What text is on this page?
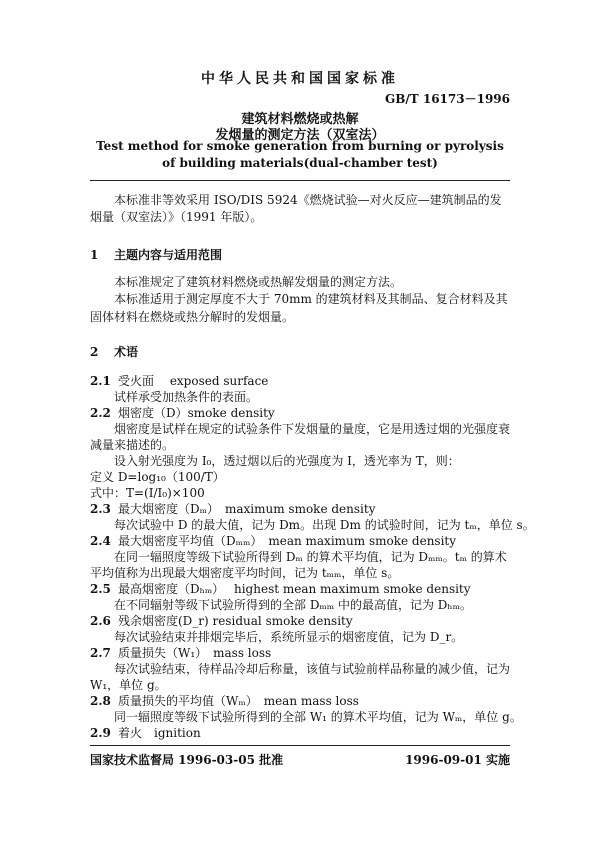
中华人民共和国国家标准
GB/T 16173－1996
建筑材料燃烧或热解
发烟量的测定方法（双室法）
Test method for smoke generation from burning or pyrolysis
of building materials(dual-chamber test)
本标准非等效采用 ISO/DIS 5924《燃烧试验—对火反应—建筑制品的发烟量（双室法）》（1991 年版）。
1 主题内容与适用范围
本标准规定了建筑材料燃烧或热解发烟量的测定方法。
本标准适用于测定厚度不大于 70mm 的建筑材料及其制品、复合材料及其固体材料在燃烧或热分解时的发烟量。
2 术语
2.1 受火面　 exposed surface
试样承受加热条件的表面。
2.2 烟密度（D）smoke density
烟密度是试样在规定的试验条件下发烟量的量度，它是用透过烟的光强度衰减量来描述的。
设入射光强度为 I₀，透过烟以后的光强度为 I，透光率为 T，则：
定义 D=log₁₀（100/T）
式中：T=(I/I₀)×100
2.3 最大烟密度（Dₘ）　maximum smoke density
每次试验中 D 的最大值，记为 Dm。出现 Dm 的试验时间，记为 tₘ，单位 s。
2.4 最大烟密度平均值（Dₘₘ）　mean maximum smoke density
在同一辐照度等级下试验所得到 Dₘ 的算术平均值，记为 Dₘₘ。tₘ 的算术平均值称为出现最大烟密度平均时间，记为 tₘₘ，单位 s。
2.5 最高烟密度（Dₕₘ）　 highest mean maximum smoke density
在不同辐射等级下试验所得到的全部 Dₘₘ 中的最高值，记为 Dₕₘ。
2.6 残余烟密度(D_r) residual smoke density
每次试验结束并排烟完毕后，系统所显示的烟密度值，记为 D_r。
2.7 质量损失（W₁）　mass loss
每次试验结束，待样品冷却后称量，该值与试验前样品称量的减少值，记为 W₁，单位 g。
2.8 质量损失的平均值（Wₘ）　mean mass loss
同一辐照度等级下试验所得到的全部 W₁ 的算术平均值，记为 Wₘ，单位 g。
2.9 着火　ignition
国家技术监督局 1996-03-05 批准	1996-09-01 实施
